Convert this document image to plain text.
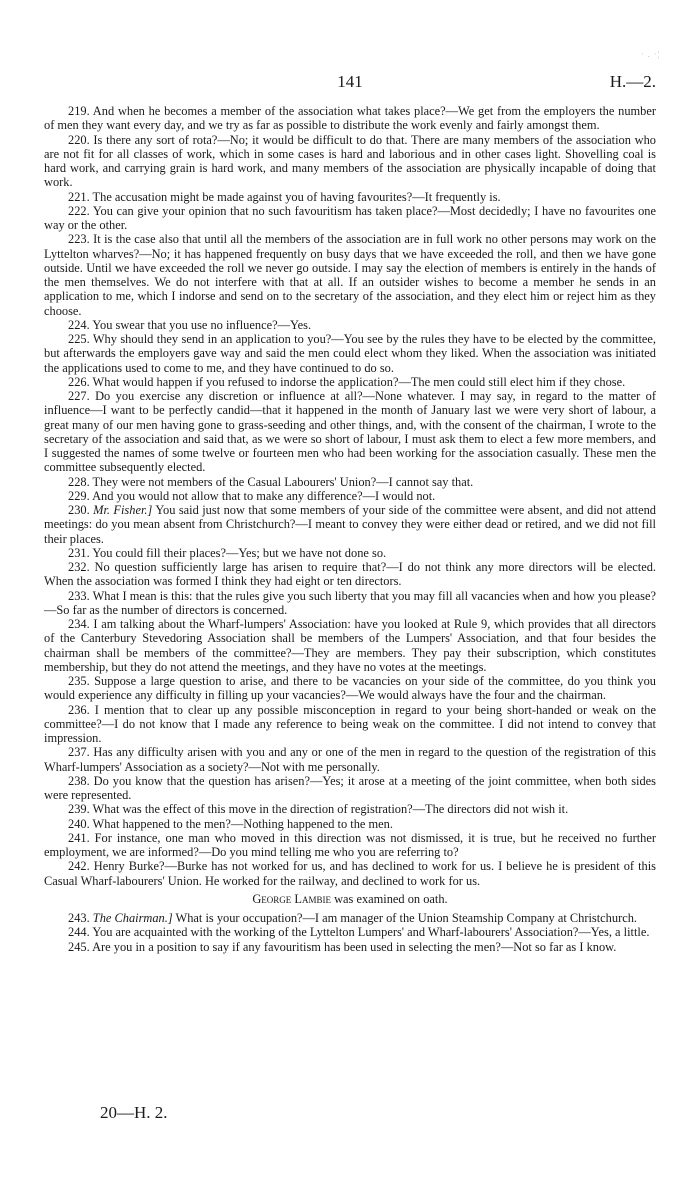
· . ·¦
141	H.—2.

219. And when he becomes a member of the association what takes place?—We get from the employers the number of men they want every day, and we try as far as possible to distribute the work evenly and fairly amongst them.

220. Is there any sort of rota?—No; it would be difficult to do that. There are many members of the association who are not fit for all classes of work, which in some cases is hard and laborious and in other cases light. Shovelling coal is hard work, and carrying grain is hard work, and many members of the association are physically incapable of doing that work.

221. The accusation might be made against you of having favourites?—It frequently is.

222. You can give your opinion that no such favouritism has taken place?—Most decidedly; I have no favourites one way or the other.

223. It is the case also that until all the members of the association are in full work no other persons may work on the Lyttelton wharves?—No; it has happened frequently on busy days that we have exceeded the roll, and then we have gone outside. Until we have exceeded the roll we never go outside. I may say the election of members is entirely in the hands of the men themselves. We do not interfere with that at all. If an outsider wishes to become a member he sends in an application to me, which I indorse and send on to the secretary of the association, and they elect him or reject him as they choose.

224. You swear that you use no influence?—Yes.

225. Why should they send in an application to you?—You see by the rules they have to be elected by the committee, but afterwards the employers gave way and said the men could elect whom they liked. When the association was initiated the applications used to come to me, and they have continued to do so.

226. What would happen if you refused to indorse the application?—The men could still elect him if they chose.

227. Do you exercise any discretion or influence at all?—None whatever. I may say, in regard to the matter of influence—I want to be perfectly candid—that it happened in the month of January last we were very short of labour, a great many of our men having gone to grass-seeding and other things, and, with the consent of the chairman, I wrote to the secretary of the association and said that, as we were so short of labour, I must ask them to elect a few more members, and I suggested the names of some twelve or fourteen men who had been working for the association casually. These men the committee subsequently elected.

228. They were not members of the Casual Labourers' Union?—I cannot say that.

229. And you would not allow that to make any difference?—I would not.

230. Mr. Fisher.] You said just now that some members of your side of the committee were absent, and did not attend meetings: do you mean absent from Christchurch?—I meant to convey they were either dead or retired, and we did not fill their places.

231. You could fill their places?—Yes; but we have not done so.

232. No question sufficiently large has arisen to require that?—I do not think any more directors will be elected. When the association was formed I think they had eight or ten directors.

233. What I mean is this: that the rules give you such liberty that you may fill all vacancies when and how you please?—So far as the number of directors is concerned.

234. I am talking about the Wharf-lumpers' Association: have you looked at Rule 9, which provides that all directors of the Canterbury Stevedoring Association shall be members of the Lumpers' Association, and that four besides the chairman shall be members of the committee?—They are members. They pay their subscription, which constitutes membership, but they do not attend the meetings, and they have no votes at the meetings.

235. Suppose a large question to arise, and there to be vacancies on your side of the committee, do you think you would experience any difficulty in filling up your vacancies?—We would always have the four and the chairman.

236. I mention that to clear up any possible misconception in regard to your being short-handed or weak on the committee?—I do not know that I made any reference to being weak on the committee. I did not intend to convey that impression.

237. Has any difficulty arisen with you and any or one of the men in regard to the question of the registration of this Wharf-lumpers' Association as a society?—Not with me personally.

238. Do you know that the question has arisen?—Yes; it arose at a meeting of the joint committee, when both sides were represented.

239. What was the effect of this move in the direction of registration?—The directors did not wish it.

240. What happened to the men?—Nothing happened to the men.

241. For instance, one man who moved in this direction was not dismissed, it is true, but he received no further employment, we are informed?—Do you mind telling me who you are referring to?

242. Henry Burke?—Burke has not worked for us, and has declined to work for us. I believe he is president of this Casual Wharf-labourers' Union. He worked for the railway, and declined to work for us.

George Lambie was examined on oath.

243. The Chairman.] What is your occupation?—I am manager of the Union Steamship Company at Christchurch.

244. You are acquainted with the working of the Lyttelton Lumpers' and Wharf-labourers' Association?—Yes, a little.

245. Are you in a position to say if any favouritism has been used in selecting the men?—Not so far as I know.

20—H. 2.
